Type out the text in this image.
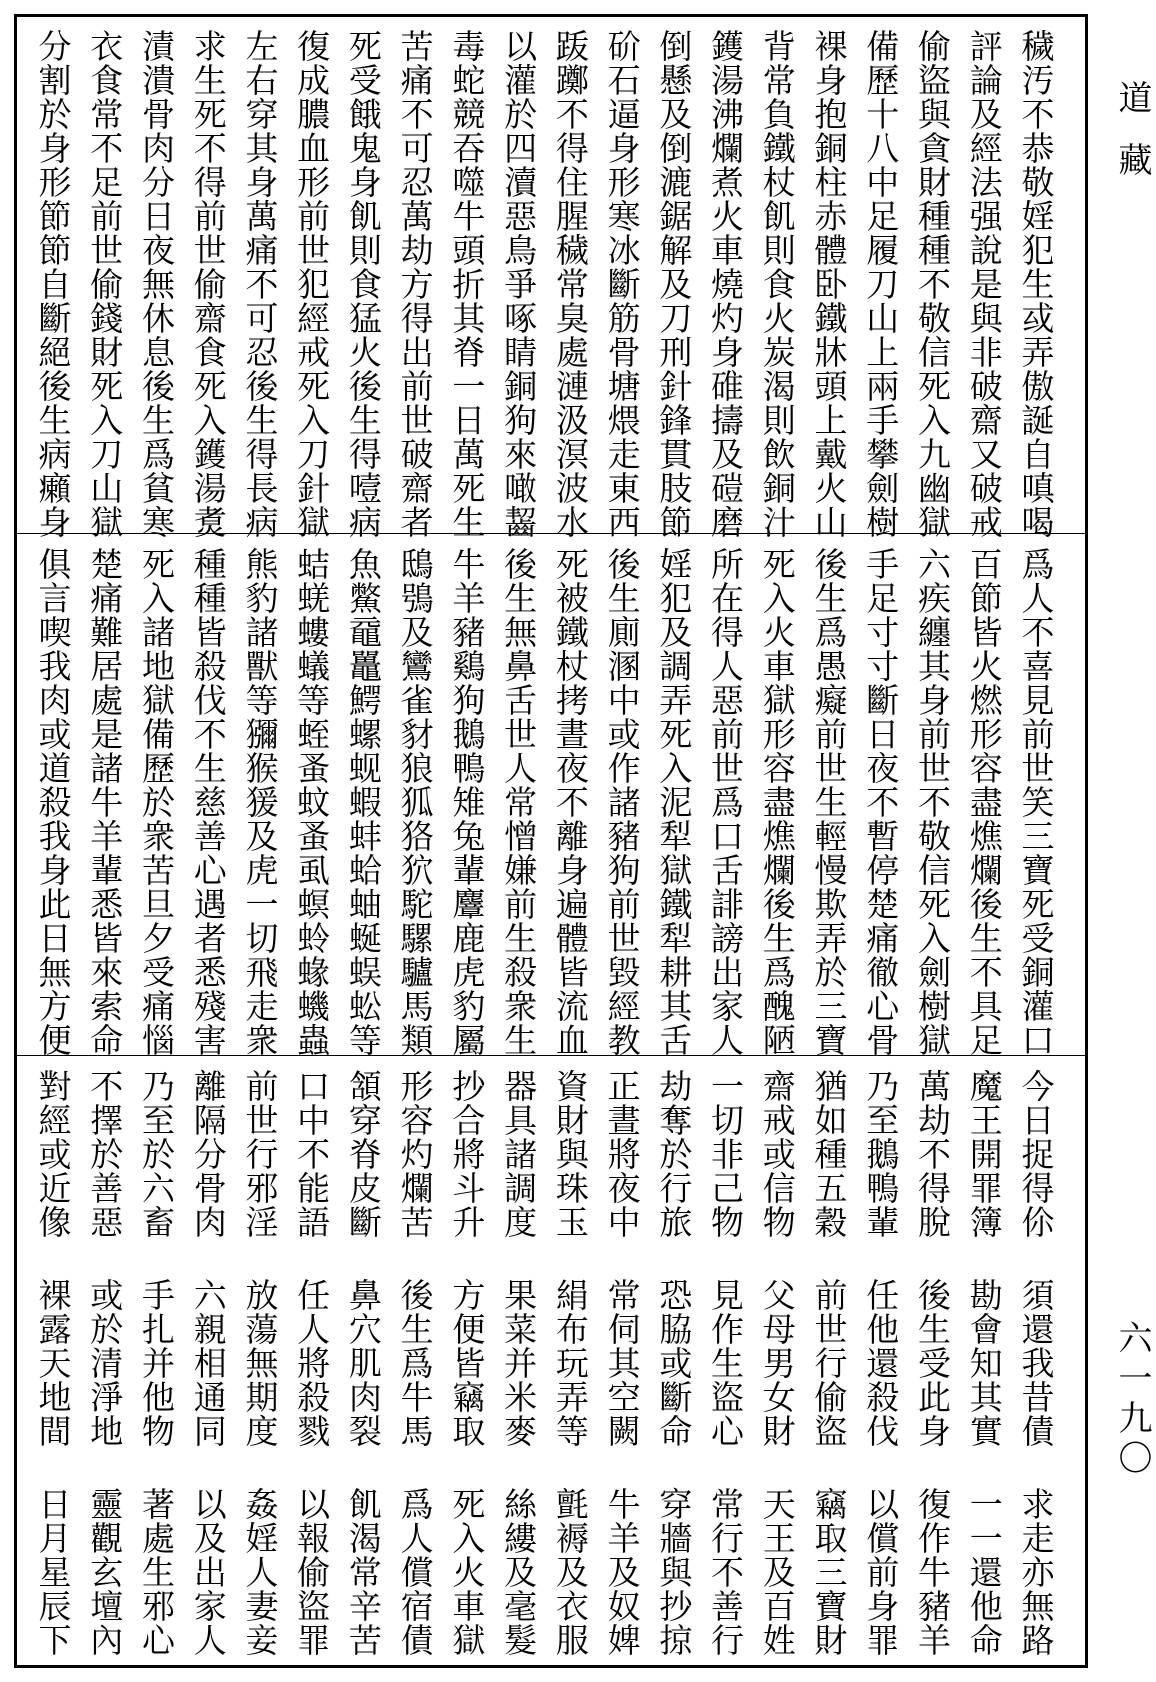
穢汚不恭敬
婬犯生㦯弄
傲誕自嗔喝
評論及經法
强說是與非
破齋又破戒
偷盜與貪財
種種不敬信
死入九幽獄
備歷十八中
足履刀山上
兩手攀劍樹
裸身抱銅柱
赤體卧鐵牀
頭上戴火山
背常負鐵杖
飢則食火炭
渴則飲銅汁
鑊湯沸爛煮
火車燒灼身
碓擣及磑磨
倒懸及倒漉
鋸解及刀刑
針鋒貫肢節
砎石逼身形
寒冰斷筋骨
塘煨走東西
䟦躑不得住
腥穢常臭處
漣汲溟波水
以灌於四瀆
惡鳥爭啄睛
銅狗來噉齧
毒蛇競吞噬
牛頭折其脊
一日萬死生
苦痛不可忍
萬劫方得出
前世破齋者
死受餓鬼身
飢則食猛火
後生得噎病
復成膿血形
前世犯經戒
死入刀針獄
左右穿其身
萬痛不可忍
後生得長病
求生死不得
前世偷齋食
死入鑊湯煑
漬潰骨肉分
日夜無休息
後生爲貧寒
衣食常不足
前世偷錢財
死入刀山獄
分割於身形
節節自斷絕
後生病癩身
爲人不喜見
前世笑三寶
死受銅灌口
百節皆火燃
形容盡燋爛
後生不具足
六疾纏其身
前世不敬信
死入劍樹獄
手足寸寸斷
日夜不暫停
楚痛徹心骨
後生爲愚癡
前世生輕慢
欺弄於三寶
死入火車獄
形容盡燋爛
後生爲醜陋
所在得人惡
前世爲口舌
誹謗出家人
婬犯及調弄
死入泥犁獄
鐵犁耕其舌
後生廁溷中
或作諸豬狗
前世毀經教
死被鐵杖拷
晝夜不離身
遍體皆流血
後生無鼻舌
世人常憎嫌
前生殺衆生
牛羊豬鷄狗
鵝鴨雉兔輩
麞鹿虎豹屬
鴟鴞及鸞雀
豺狼狐狢狖
駝騾驢馬類
魚鱉黿鼉鰐
螺蚬蝦蚌蛤
蚰蜒蜈蚣等
蛣蜣螻蟻等
蛭蚤蚊蚤虱
螟蛉蝝蟣蟲
熊豹諸獸等
獼猴猨及虎
一切飛走衆
種種皆殺伐
不生慈善心
遇者悉殘害
死入諸地獄
備歷於衆苦
旦夕受痛惱
楚痛難居處
是諸牛羊輩
悉皆來索命
俱言喫我肉
或道殺我身
此日無方便
今日捉得伱
須還我昔債
求走亦無路
魔王開罪簿
勘會知其實
一一還他命
萬劫不得脫
後生受此身
復作牛豬羊
乃至鵝鴨輩
任他還殺伐
以償前身罪
猶如種五穀
前世行偷盜
竊取三寶財
齋戒或信物
父母男女財
天王及百姓
一切非己物
見作生盜心
常行不善行
劫奪於行旅
恐脇或斷命
穿牆與抄掠
正晝將夜中
常伺其空闕
牛羊及奴婢
資財與珠玉
絹布玩弄等
氈褥及衣服
器具諸調度
果菜并米麥
絲縷及毫髮
抄合將斗升
方便皆竊取
死入火車獄
形容灼爛苦
後生爲牛馬
爲人償宿債
頷穿脊皮斷
鼻穴肌肉裂
飢渴常辛苦
口中不能語
任人將殺戮
以報偷盜罪
前世行邪淫
放蕩無期度
姦婬人妻妾
離隔分骨肉
六親相通同
以及出家人
乃至於六畜
手扎并他物
著處生邪心
不擇於善惡
或於清淨地
靈觀玄壇內
對經或近像
裸露天地間
日月星辰下
道藏
六一九〇
